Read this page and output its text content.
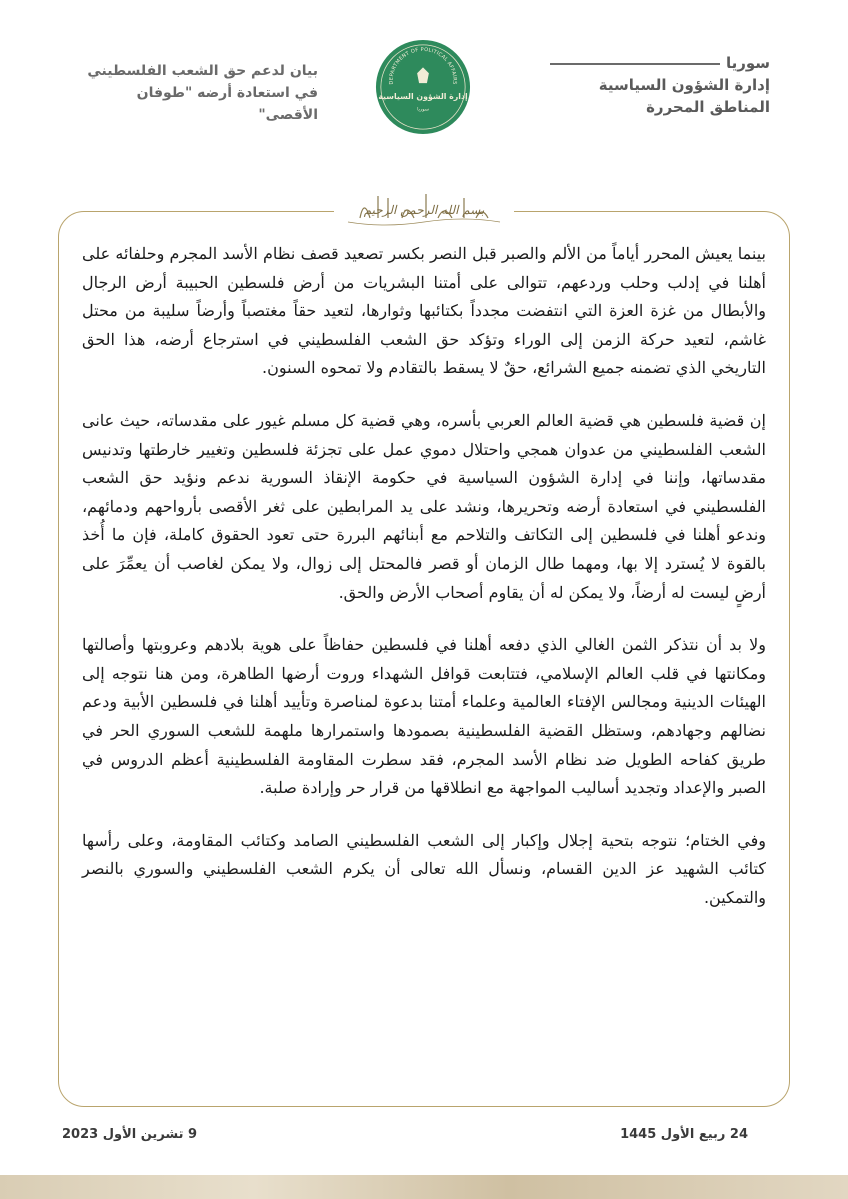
سوريا
إدارة الشؤون السياسية
المناطق المحررة
بيان لدعم حق الشعب الفلسطيني
في استعادة أرضه "طوفان الأقصى"
DEPARTMENT OF POLITICAL AFFAIRS
إدارة الشؤون السياسية
سوريا
بسم الله الرحمن الرحيم

بينما يعيش المحرر أياماً من الألم والصبر قبل النصر بكسر تصعيد قصف نظام الأسد المجرم وحلفائه على أهلنا في إدلب وحلب وردعهم، تتوالى على أمتنا البشريات من أرض فلسطين الحبيبة أرض الرجال والأبطال من غزة العزة التي انتفضت مجدداً بكتائبها وثوارها، لتعيد حقاً مغتصباً وأرضاً سليبة من محتل غاشم، لتعيد حركة الزمن إلى الوراء وتؤكد حق الشعب الفلسطيني في استرجاع أرضه، هذا الحق التاريخي الذي تضمنه جميع الشرائع، حقٌ لا يسقط بالتقادم ولا تمحوه السنون.

إن قضية فلسطين هي قضية العالم العربي بأسره، وهي قضية كل مسلم غيور على مقدساته، حيث عانى الشعب الفلسطيني من عدوان همجي واحتلال دموي عمل على تجزئة فلسطين وتغيير خارطتها وتدنيس مقدساتها، وإننا في إدارة الشؤون السياسية في حكومة الإنقاذ السورية ندعم ونؤيد حق الشعب الفلسطيني في استعادة أرضه وتحريرها، ونشد على يد المرابطين على ثغر الأقصى بأرواحهم ودمائهم، وندعو أهلنا في فلسطين إلى التكاتف والتلاحم مع أبنائهم البررة حتى تعود الحقوق كاملة، فإن ما أُخذ بالقوة لا يُسترد إلا بها، ومهما طال الزمان أو قصر فالمحتل إلى زوال، ولا يمكن لغاصب أن يعمِّرَ على أرضٍ ليست له أرضاً، ولا يمكن له أن يقاوم أصحاب الأرض والحق.

ولا بد أن نتذكر الثمن الغالي الذي دفعه أهلنا في فلسطين حفاظاً على هوية بلادهم وعروبتها وأصالتها ومكانتها في قلب العالم الإسلامي، فتتابعت قوافل الشهداء وروت أرضها الطاهرة، ومن هنا نتوجه إلى الهيئات الدينية ومجالس الإفتاء العالمية وعلماء أمتنا بدعوة لمناصرة وتأييد أهلنا في فلسطين الأبية ودعم نضالهم وجهادهم، وستظل القضية الفلسطينية بصمودها واستمرارها ملهمة للشعب السوري الحر في طريق كفاحه الطويل ضد نظام الأسد المجرم، فقد سطرت المقاومة الفلسطينية أعظم الدروس في الصبر والإعداد وتجديد أساليب المواجهة مع انطلاقها من قرار حر وإرادة صلبة.

وفي الختام؛ نتوجه بتحية إجلال وإكبار إلى الشعب الفلسطيني الصامد وكتائب المقاومة، وعلى رأسها كتائب الشهيد عز الدين القسام، ونسأل الله تعالى أن يكرم الشعب الفلسطيني والسوري بالنصر والتمكين.

24 ربيع الأول 1445
9 تشرين الأول 2023
